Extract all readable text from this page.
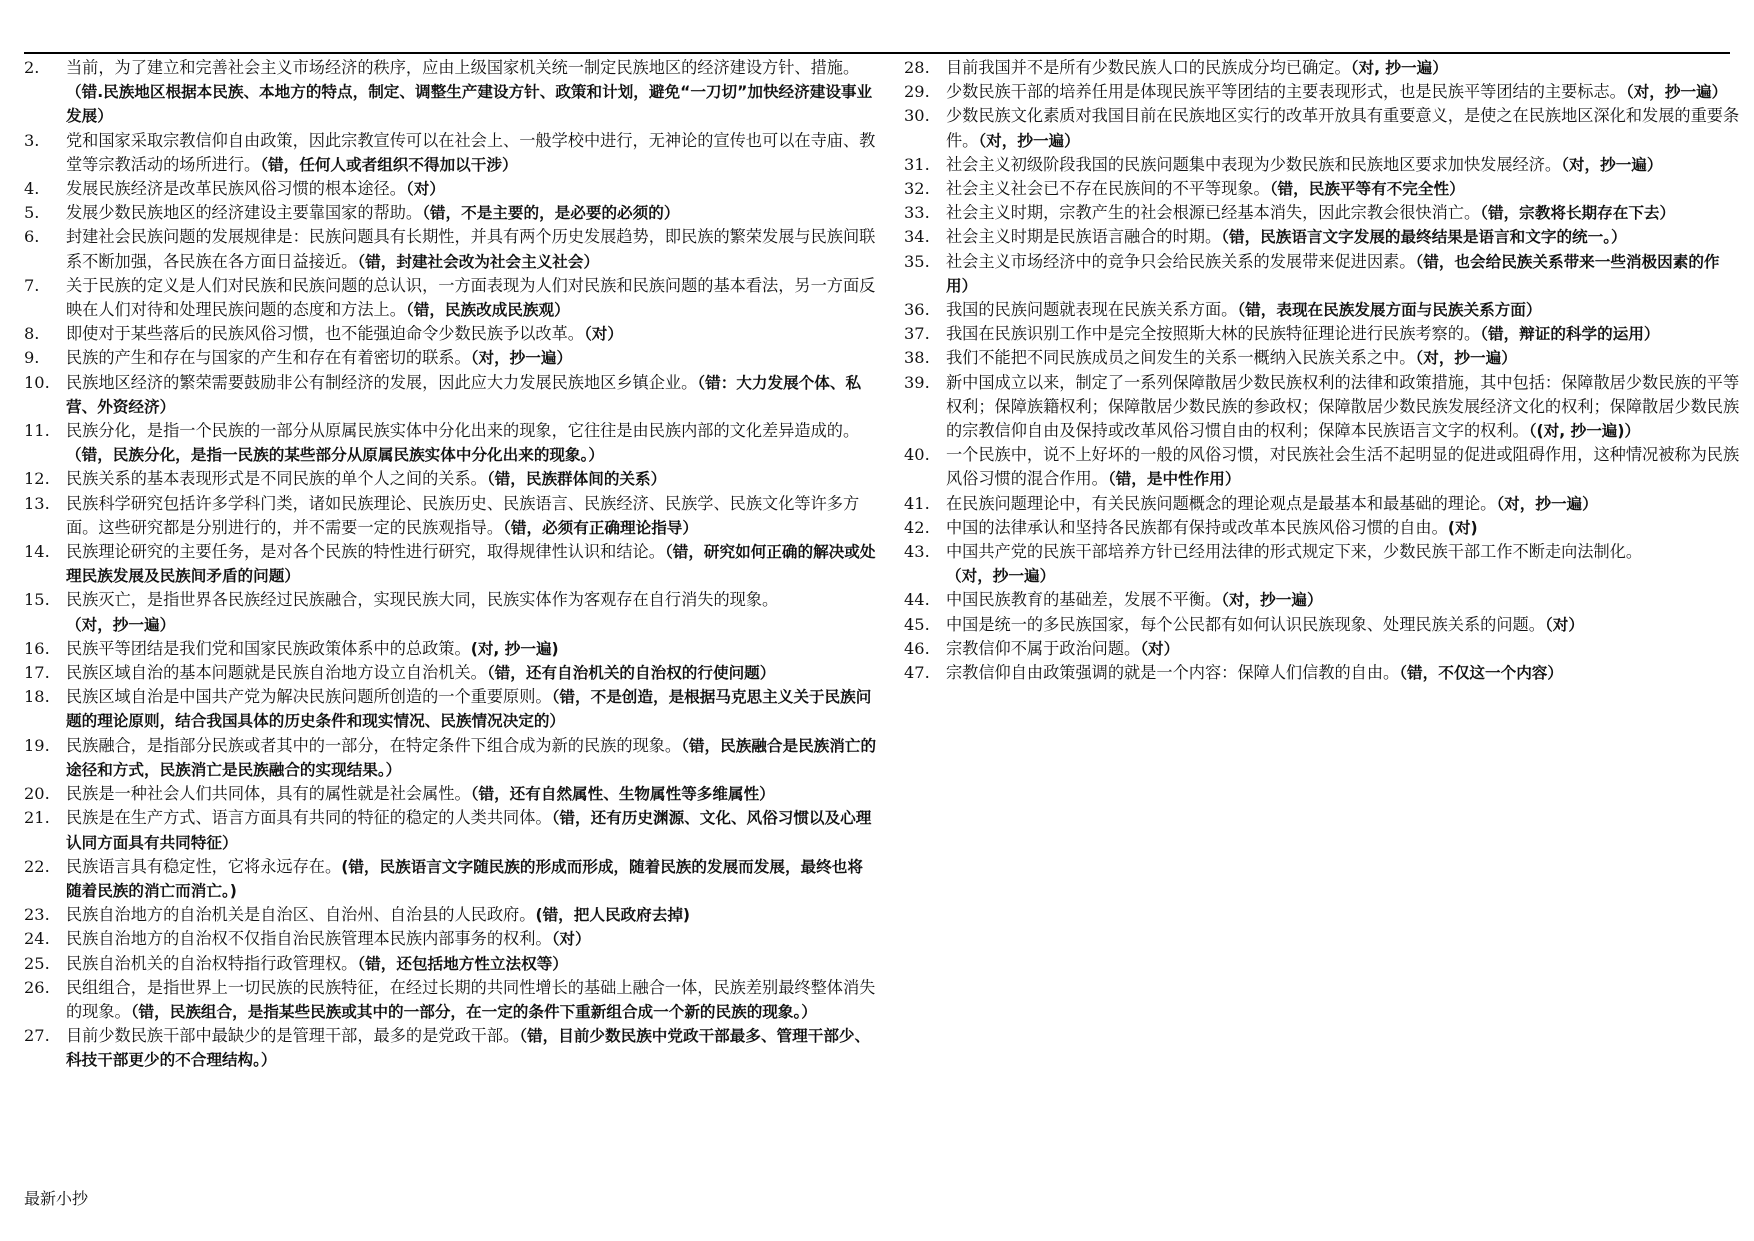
2.	当前，为了建立和完善社会主义市场经济的秩序，应由上级国家机关统一制定民族地区的经济建设方针、措施。（错.民族地区根据本民族、本地方的特点，制定、调整生产建设方针、政策和计划，避免“一刀切”加快经济建设事业发展）
3.	党和国家采取宗教信仰自由政策，因此宗教宣传可以在社会上、一般学校中进行，无神论的宣传也可以在寺庙、教堂等宗教活动的场所进行。（错，任何人或者组织不得加以干涉）
4.	发展民族经济是改革民族风俗习惯的根本途径。（对）
5.	发展少数民族地区的经济建设主要靠国家的帮助。（错，不是主要的，是必要的必须的）
6.	封建社会民族问题的发展规律是：民族问题具有长期性，并具有两个历史发展趋势，即民族的繁荣发展与民族间联系不断加强，各民族在各方面日益接近。（错，封建社会改为社会主义社会）
7.	关于民族的定义是人们对民族和民族问题的总认识，一方面表现为人们对民族和民族问题的基本看法，另一方面反映在人们对待和处理民族问题的态度和方法上。（错，民族改成民族观）
8.	即使对于某些落后的民族风俗习惯，也不能强迫命令少数民族予以改革。（对）
9.	民族的产生和存在与国家的产生和存在有着密切的联系。（对，抄一遍）
10.	民族地区经济的繁荣需要鼓励非公有制经济的发展，因此应大力发展民族地区乡镇企业。（错：大力发展个体、私营、外资经济）
11.	民族分化，是指一个民族的一部分从原属民族实体中分化出来的现象，它往往是由民族内部的文化差异造成的。（错，民族分化，是指一民族的某些部分从原属民族实体中分化出来的现象。）
12.	民族关系的基本表现形式是不同民族的单个人之间的关系。（错，民族群体间的关系）
13.	民族科学研究包括许多学科门类，诸如民族理论、民族历史、民族语言、民族经济、民族学、民族文化等许多方面。这些研究都是分别进行的，并不需要一定的民族观指导。（错，必须有正确理论指导）
14.	民族理论研究的主要任务，是对各个民族的特性进行研究，取得规律性认识和结论。（错，研究如何正确的解决或处理民族发展及民族间矛盾的问题）
15.	民族灭亡，是指世界各民族经过民族融合，实现民族大同，民族实体作为客观存在自行消失的现象。（对，抄一遍）
16.	民族平等团结是我们党和国家民族政策体系中的总政策。(对, 抄一遍)
17.	民族区域自治的基本问题就是民族自治地方设立自治机关。（错，还有自治机关的自治权的行使问题）
18.	民族区域自治是中国共产党为解决民族问题所创造的一个重要原则。（错，不是创造，是根据马克思主义关于民族问题的理论原则，结合我国具体的历史条件和现实情况、民族情况决定的）
19.	民族融合，是指部分民族或者其中的一部分，在特定条件下组合成为新的民族的现象。（错，民族融合是民族消亡的途径和方式，民族消亡是民族融合的实现结果。）
20.	民族是一种社会人们共同体，具有的属性就是社会属性。（错，还有自然属性、生物属性等多维属性）
21.	民族是在生产方式、语言方面具有共同的特征的稳定的人类共同体。（错，还有历史渊源、文化、风俗习惯以及心理认同方面具有共同特征）
22.	民族语言具有稳定性，它将永远存在。(错，民族语言文字随民族的形成而形成，随着民族的发展而发展，最终也将随着民族的消亡而消亡。)
23.	民族自治地方的自治机关是自治区、自治州、自治县的人民政府。(错，把人民政府去掉)
24.	民族自治地方的自治权不仅指自治民族管理本民族内部事务的权利。（对）
25.	民族自治机关的自治权特指行政管理权。（错，还包括地方性立法权等）
26.	民组组合，是指世界上一切民族的民族特征，在经过长期的共同性增长的基础上融合一体，民族差别最终整体消失的现象。（错，民族组合，是指某些民族或其中的一部分，在一定的条件下重新组合成一个新的民族的现象。）
27.	目前少数民族干部中最缺少的是管理干部，最多的是党政干部。（错，目前少数民族中党政干部最多、管理干部少、科技干部更少的不合理结构。）
28.	目前我国并不是所有少数民族人口的民族成分均已确定。（对, 抄一遍）
29.	少数民族干部的培养任用是体现民族平等团结的主要表现形式，也是民族平等团结的主要标志。（对，抄一遍）
30.	少数民族文化素质对我国目前在民族地区实行的改革开放具有重要意义，是使之在民族地区深化和发展的重要条件。（对，抄一遍）
31.	社会主义初级阶段我国的民族问题集中表现为少数民族和民族地区要求加快发展经济。（对，抄一遍）
32.	社会主义社会已不存在民族间的不平等现象。（错，民族平等有不完全性）
33.	社会主义时期，宗教产生的社会根源已经基本消失，因此宗教会很快消亡。（错，宗教将长期存在下去）
34.	社会主义时期是民族语言融合的时期。（错，民族语言文字发展的最终结果是语言和文字的统一。）
35.	社会主义市场经济中的竞争只会给民族关系的发展带来促进因素。（错，也会给民族关系带来一些消极因素的作用）
36.	我国的民族问题就表现在民族关系方面。（错，表现在民族发展方面与民族关系方面）
37.	我国在民族识别工作中是完全按照斯大林的民族特征理论进行民族考察的。（错，辩证的科学的运用）
38.	我们不能把不同民族成员之间发生的关系一概纳入民族关系之中。（对，抄一遍）
39.	新中国成立以来，制定了一系列保障散居少数民族权利的法律和政策措施，其中包括：保障散居少数民族的平等权利；保障族籍权利；保障散居少数民族的参政权；保障散居少数民族发展经济文化的权利；保障散居少数民族的宗教信仰自由及保持或改革风俗习惯自由的权利；保障本民族语言文字的权利。（(对, 抄一遍)）
40.	一个民族中，说不上好坏的一般的风俗习惯，对民族社会生活不起明显的促进或阻碍作用，这种情况被称为民族风俗习惯的混合作用。（错，是中性作用）
41.	在民族问题理论中，有关民族问题概念的理论观点是最基本和最基础的理论。（对，抄一遍）
42.	中国的法律承认和坚持各民族都有保持或改革本民族风俗习惯的自由。(对)
43.	中国共产党的民族干部培养方针已经用法律的形式规定下来，少数民族干部工作不断走向法制化。（对，抄一遍）
44.	中国民族教育的基础差，发展不平衡。（对，抄一遍）
45.	中国是统一的多民族国家，每个公民都有如何认识民族现象、处理民族关系的问题。（对）
46.	宗教信仰不属于政治问题。（对）
47.	宗教信仰自由政策强调的就是一个内容：保障人们信教的自由。（错，不仅这一个内容）
最新小抄
